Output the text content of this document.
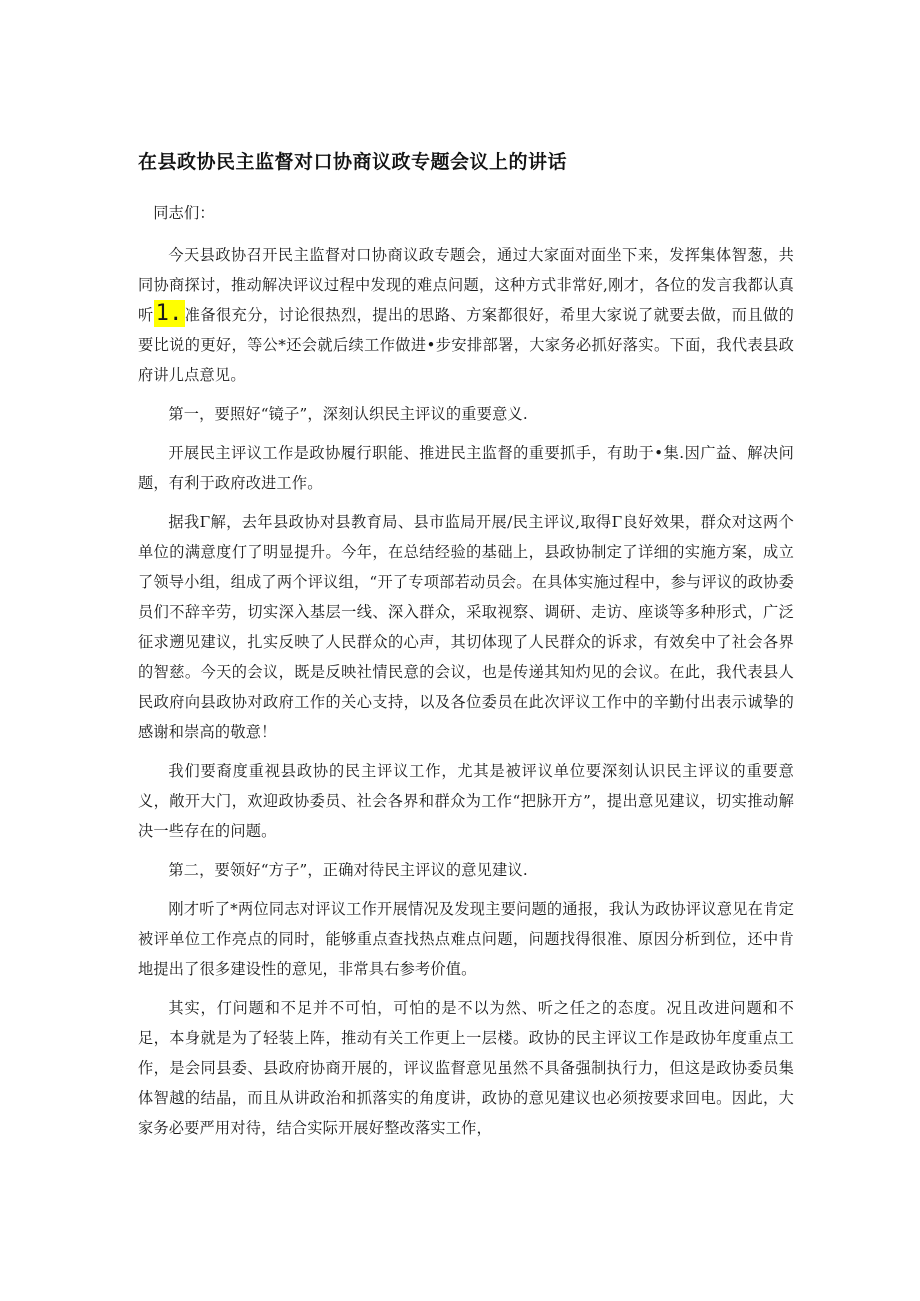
在县政协民主监督对口协商议政专题会议上的讲话

同志们：

今天县政协召开民主监督对口协商议政专题会，通过大家面对面坐下来，发挥集体智葱，共同协商探讨，推动解决评议过程中发现的难点问题，这种方式非常好,刚才，各位的发言我都认真听1. 准备很充分，讨论很热烈，提出的思路、方案都很好，希里大家说了就要去做，而且做的要比说的更好，等公*还会就后续工作做进•步安排部署，大家务必抓好落实。下面，我代表县政府讲儿点意见。

第一，要照好“镜子”，深刻认织民主评议的重要意义.

开展民主评议工作是政协履行职能、推进民主监督的重要抓手，有助于•集.因广益、解决问题，有利于政府改进工作。

据我Γ解，去年县政协对县教育局、县市监局开展/民主评议,取得Γ良好效果，群众对这两个单位的满意度仃了明显提升。今年，在总结经验的基础上，县政协制定了详细的实施方案，成立了领导小组，组成了两个评议组，“开了专项部若动员会。在具体实施过程中，参与评议的政协委员们不辞辛劳，切实深入基层一线、深入群众，采取视察、调研、走访、座谈等多种形式，广泛征求遡见建议，扎实反映了人民群众的心声，其切体现了人民群众的诉求，有效矣中了社会各界的智慈。今天的会议，既是反映社情民意的会议，也是传递其知灼见的会议。在此，我代表县人民政府向县政协对政府工作的关心支持，以及各位委员在此次评议工作中的辛勤付出表示诚挚的感谢和崇高的敬意！

我们要裔度重视县政协的民主评议工作，尤其是被评议单位要深刻认识民主评议的重要意义，敞开大门，欢迎政协委员、社会各界和群众为工作“把脉开方”，提出意见建议，切实推动解决一些存在的问题。

第二，要领好“方子”，正确对待民主评议的意见建议.

刚才听了*两位同志对评议工作开展情况及发现主要问题的通报，我认为政协评议意见在肯定被评单位工作亮点的同时，能够重点查找热点难点问题，问题找得很准、原因分析到位，还中肯地提出了很多建设性的意见，非常具右参考价值。

其实，仃问题和不足并不可怕，可怕的是不以为然、听之任之的态度。况且改进问题和不足，本身就是为了轻装上阵，推动有关工作更上一层楼。政协的民主评议工作是政协年度重点工作，是会同县委、县政府协商开展的，评议监督意见虽然不具备强制执行力，但这是政协委员集体智越的结晶，而且从讲政治和抓落实的角度讲，政协的意见建议也必须按要求回电。因此，大家务必要严用对待，结合实际开展好整改落实工作，
